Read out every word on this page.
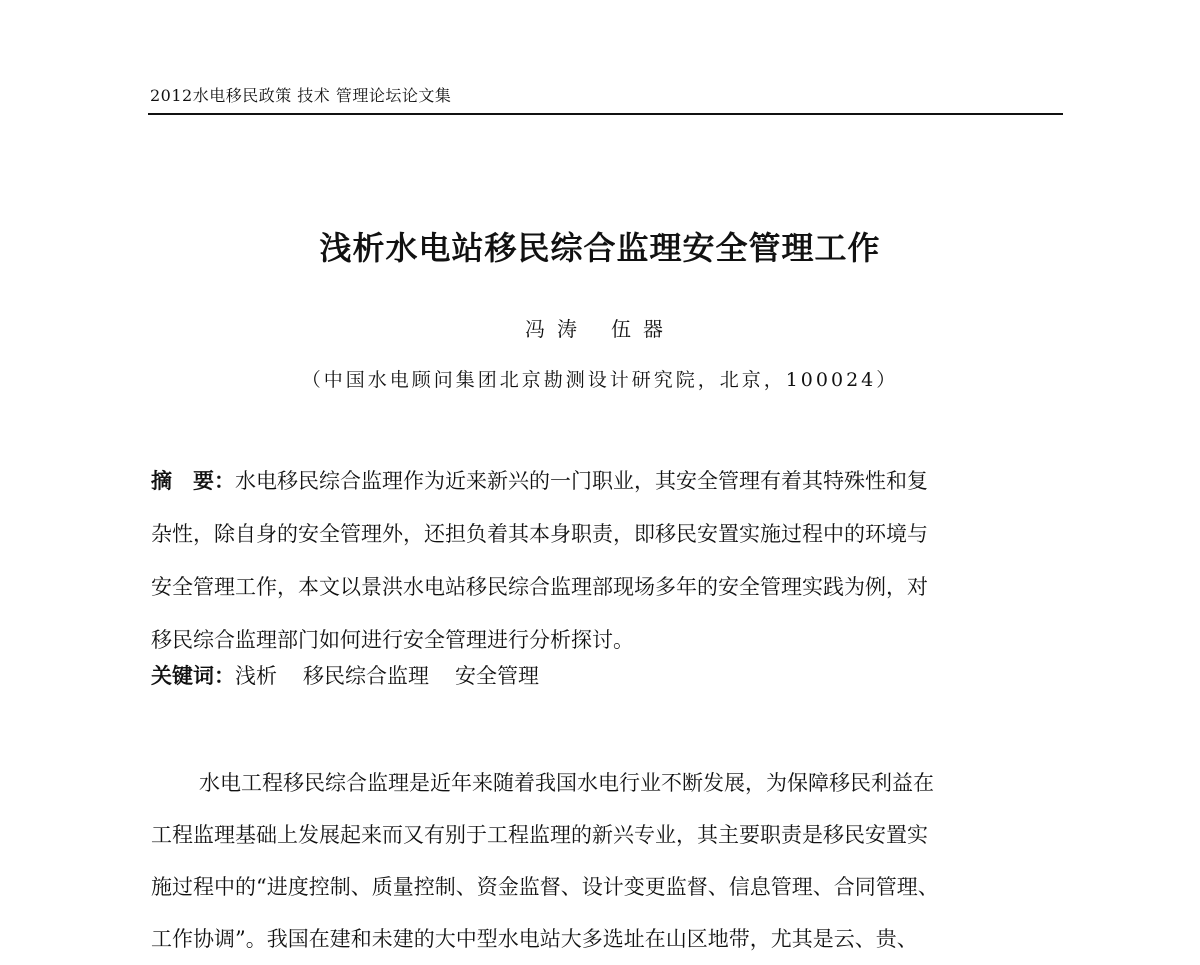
2012水电移民政策 技术 管理论坛论文集
浅析水电站移民综合监理安全管理工作
冯涛 伍器
（中国水电顾问集团北京勘测设计研究院，北京，100024）
摘　要：水电移民综合监理作为近来新兴的一门职业，其安全管理有着其特殊性和复
杂性，除自身的安全管理外，还担负着其本身职责，即移民安置实施过程中的环境与
安全管理工作，本文以景洪水电站移民综合监理部现场多年的安全管理实践为例，对
移民综合监理部门如何进行安全管理进行分析探讨。
关键词：浅析 移民综合监理 安全管理
水电工程移民综合监理是近年来随着我国水电行业不断发展，为保障移民利益在
工程监理基础上发展起来而又有别于工程监理的新兴专业，其主要职责是移民安置实
施过程中的“进度控制、质量控制、资金监督、设计变更监督、信息管理、合同管理、
工作协调”。我国在建和未建的大中型水电站大多选址在山区地带，尤其是云、贵、
